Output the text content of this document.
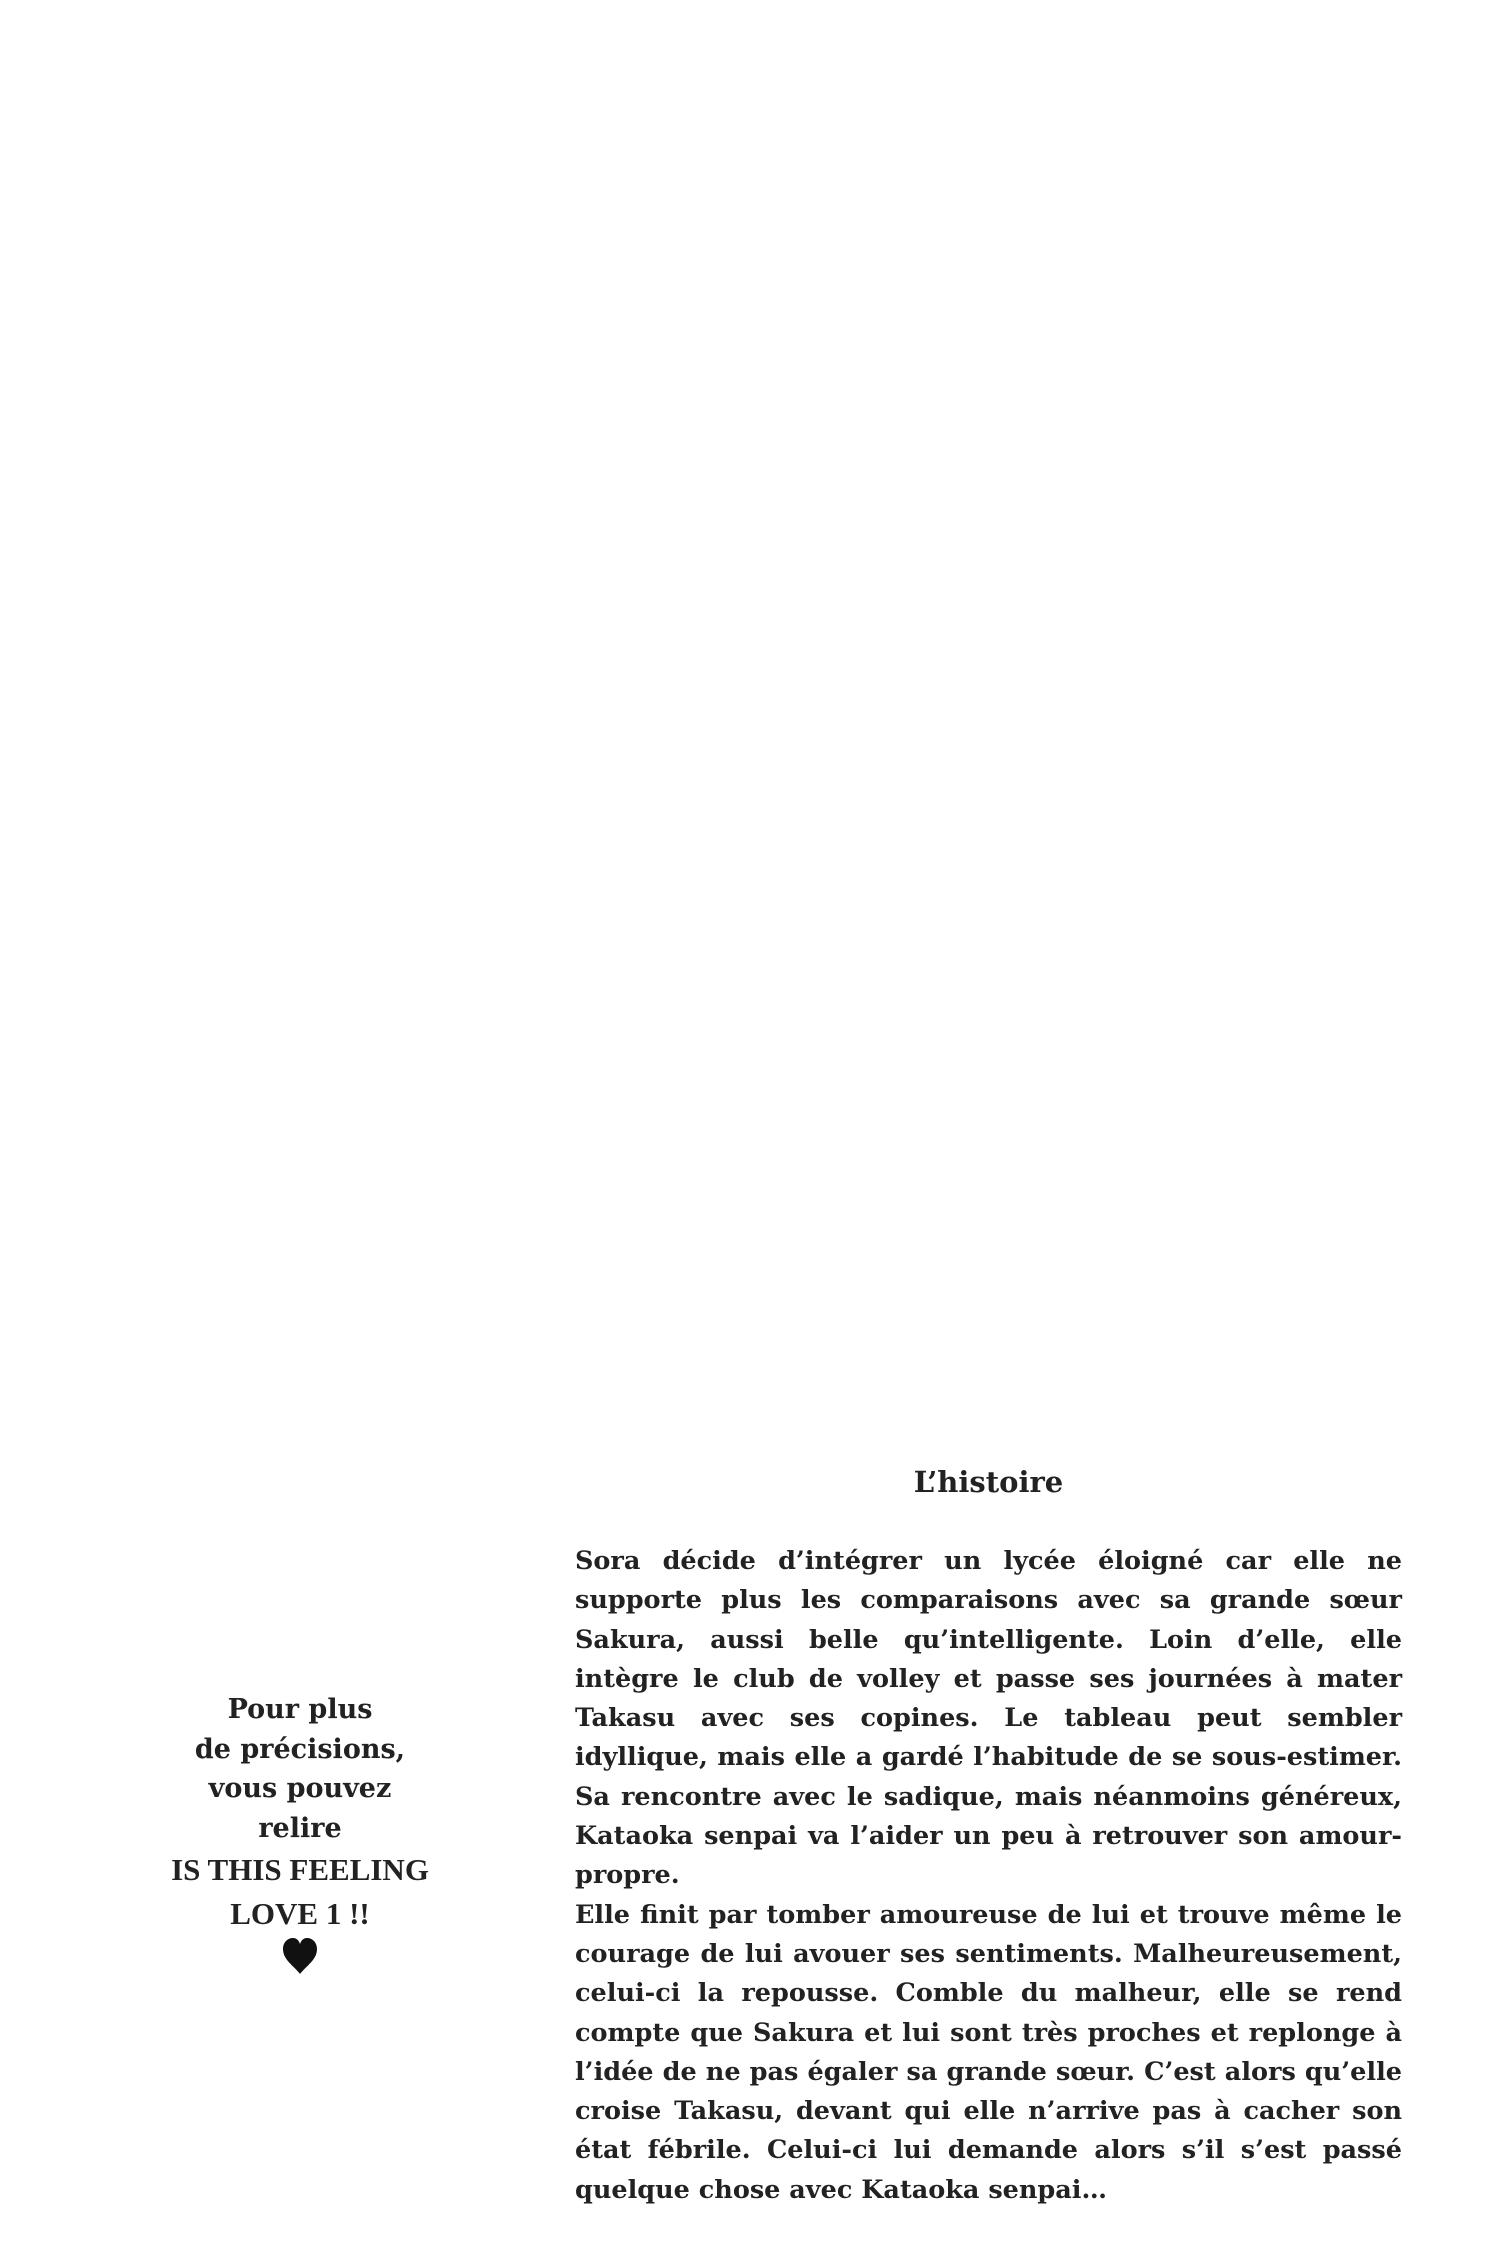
L’histoire

Sora décide d’intégrer un lycée éloigné car elle ne supporte plus les comparaisons avec sa grande sœur Sakura, aussi belle qu’intelligente. Loin d’elle, elle intègre le club de volley et passe ses journées à mater Takasu avec ses copines. Le tableau peut sembler idyllique, mais elle a gardé l’habitude de se sous-estimer. Sa rencontre avec le sadique, mais néanmoins généreux, Kataoka senpai va l’aider un peu à retrouver son amour-propre.

Elle finit par tomber amoureuse de lui et trouve même le courage de lui avouer ses sentiments. Malheureusement, celui-ci la repousse. Comble du malheur, elle se rend compte que Sakura et lui sont très proches et replonge à l’idée de ne pas égaler sa grande sœur. C’est alors qu’elle croise Takasu, devant qui elle n’arrive pas à cacher son état fébrile. Celui-ci lui demande alors s’il s’est passé quelque chose avec Kataoka senpai…

Pour plus
de précisions,
vous pouvez
relire
IS THIS FEELING
LOVE 1 !!
